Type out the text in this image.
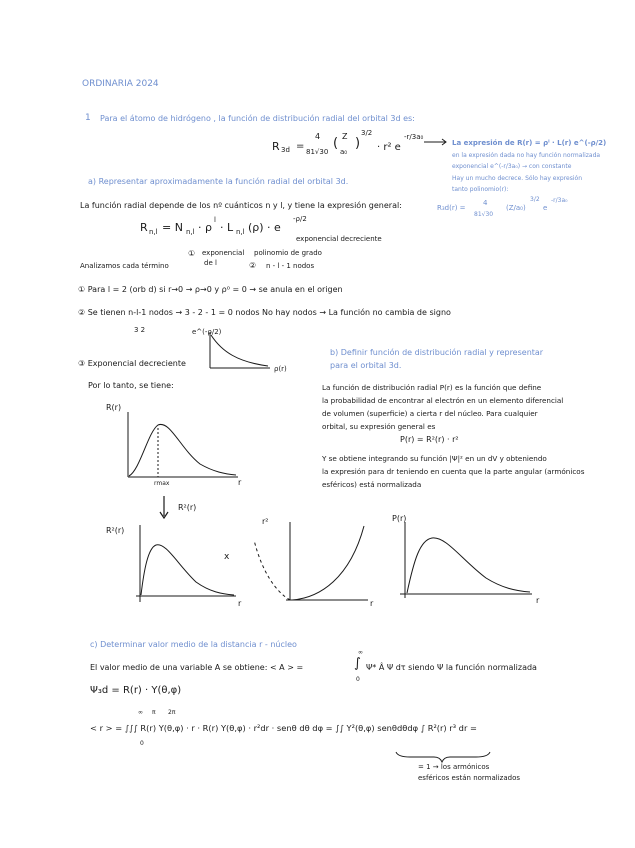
ORDINARIA 2024
1 Para el átomo de hidrógeno , la función de distribución radial del orbital 3d es:
R 3d =
4
81√30
( Z
a₀
)
3/2
· r² e
-r/3a₀
La expresión de R(r) = ρˡ · L(r) e^(-ρ/2)
en la expresión dada no hay función normalizada
exponencial e^(-r/3a₀) → con constante
Hay un mucho decrece. Sólo hay expresión
tanto polinomio(r):
R₃d(r) =
4
81√30
(Z/a₀)
3/2
e
-r/3a₀
a) Representar aproximadamente la función radial del orbital 3d.
La función radial depende de los nº cuánticos n y l, y tiene la expresión general:
R n,l = N n,l · ρ
l
· L n,l (ρ) · e
-ρ/2
exponencial decreciente
① exponencial
de l
polinomio de grado
② n - l - 1 nodos
Analizamos cada término
① Para l = 2 (orb d) si r→0 → ρ→0 y ρ⁰ = 0 → se anula en el origen
② Se tienen n-l-1 nodos → 3 - 2 - 1 = 0 nodos No hay nodos → La función no cambia de signo
3 2
③ Exponencial decreciente
e^(-ρ/2)
ρ(r)
Por lo tanto, se tiene:
R(r)
r
rmax
R²(r)
R²(r)
r
x
r²
r
P(r)
r
b) Definir función de distribución radial y representar
para el orbital 3d.
La función de distribución radial P(r) es la función que define
la probabilidad de encontrar al electrón en un elemento diferencial
de volumen (superficie) a cierta r del núcleo. Para cualquier
orbital, su expresión general es
P(r) = R²(r) · r²
Y se obtiene integrando su función |Ψ|² en un dV y obteniendo
la expresión para dr teniendo en cuenta que la parte angular (armónicos
esféricos) está normalizada
c) Determinar valor medio de la distancia r - núcleo
El valor medio de una variable A se obtiene: < A > =	∫
∞
0
Ψ* Â Ψ dτ siendo Ψ la función normalizada
Ψ₃d = R(r) · Y(θ,φ)
< r > = ∫∫∫ R(r) Y(θ,φ) · r · R(r) Y(θ,φ) · r²dr · senθ dθ dφ = ∫∫ Y²(θ,φ) senθdθdφ ∫ R²(r) r³ dr =
π 2π
∞
0
= 1 → los armónicos
esféricos están normalizados
